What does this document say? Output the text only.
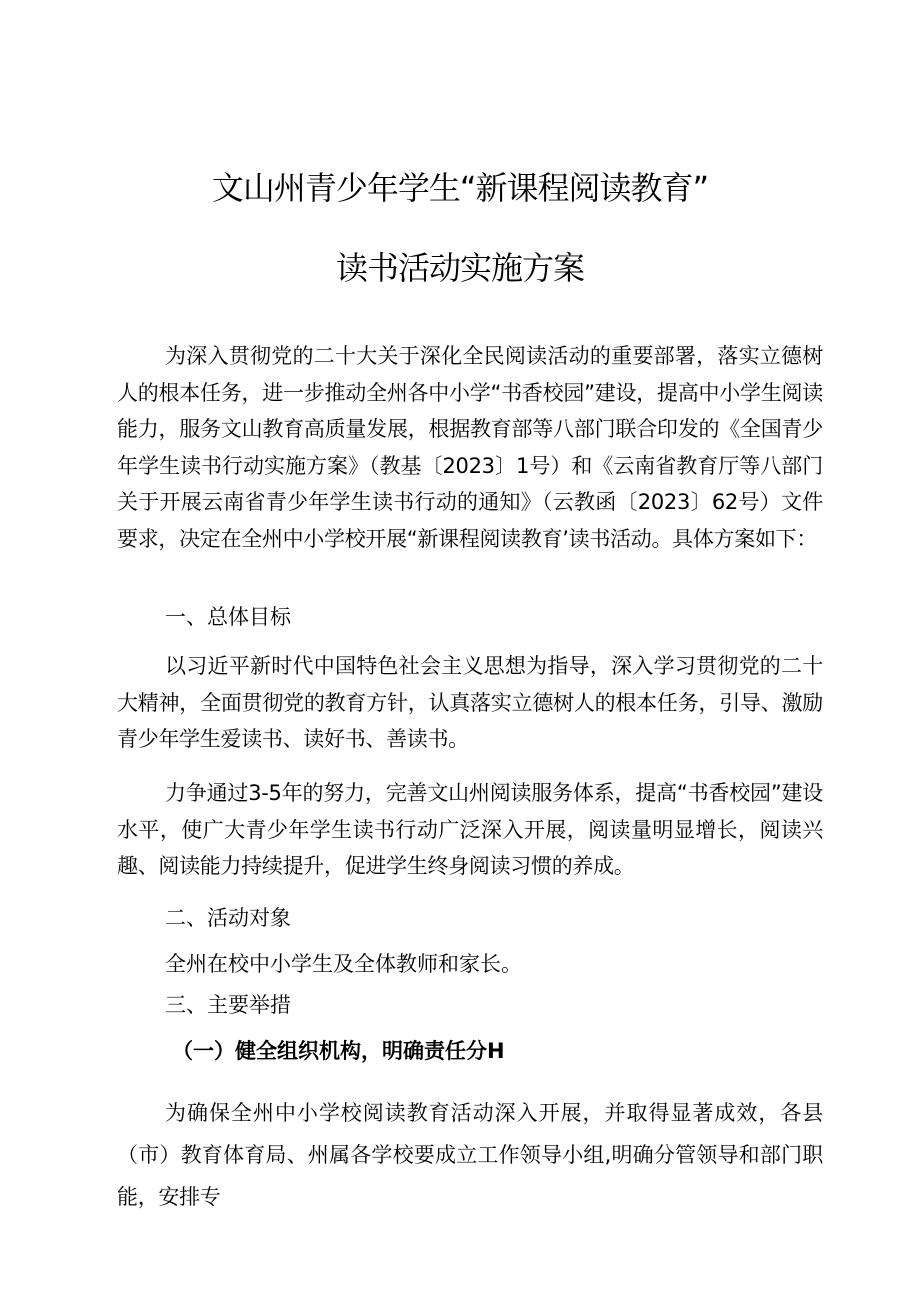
文山州青少年学生“新课程阅读教育”
读书活动实施方案
为深入贯彻党的二十大关于深化全民阅读活动的重要部署，落实立德树人的根本任务，进一步推动全州各中小学“书香校园”建设，提高中小学生阅读能力，服务文山教育高质量发展，根据教育部等八部门联合印发的《全国青少年学生读书行动实施方案》（教基〔2023〕1号）和《云南省教育厅等八部门关于开展云南省青少年学生读书行动的通知》（云教函〔2023〕62号）文件要求，决定在全州中小学校开展“新课程阅读教育’读书活动。具体方案如下：
一、总体目标
以习近平新时代中国特色社会主义思想为指导，深入学习贯彻党的二十大精神，全面贯彻党的教育方针，认真落实立德树人的根本任务，引导、激励青少年学生爱读书、读好书、善读书。
力争通过3-5年的努力，完善文山州阅读服务体系，提高“书香校园”建设水平，使广大青少年学生读书行动广泛深入开展，阅读量明显增长，阅读兴趣、阅读能力持续提升，促进学生终身阅读习惯的养成。
二、活动对象
全州在校中小学生及全体教师和家长。
三、主要举措
（一）健全组织机构，明确责任分H
为确保全州中小学校阅读教育活动深入开展，并取得显著成效，各县（市）教育体育局、州属各学校要成立工作领导小组,明确分管领导和部门职能，安排专
